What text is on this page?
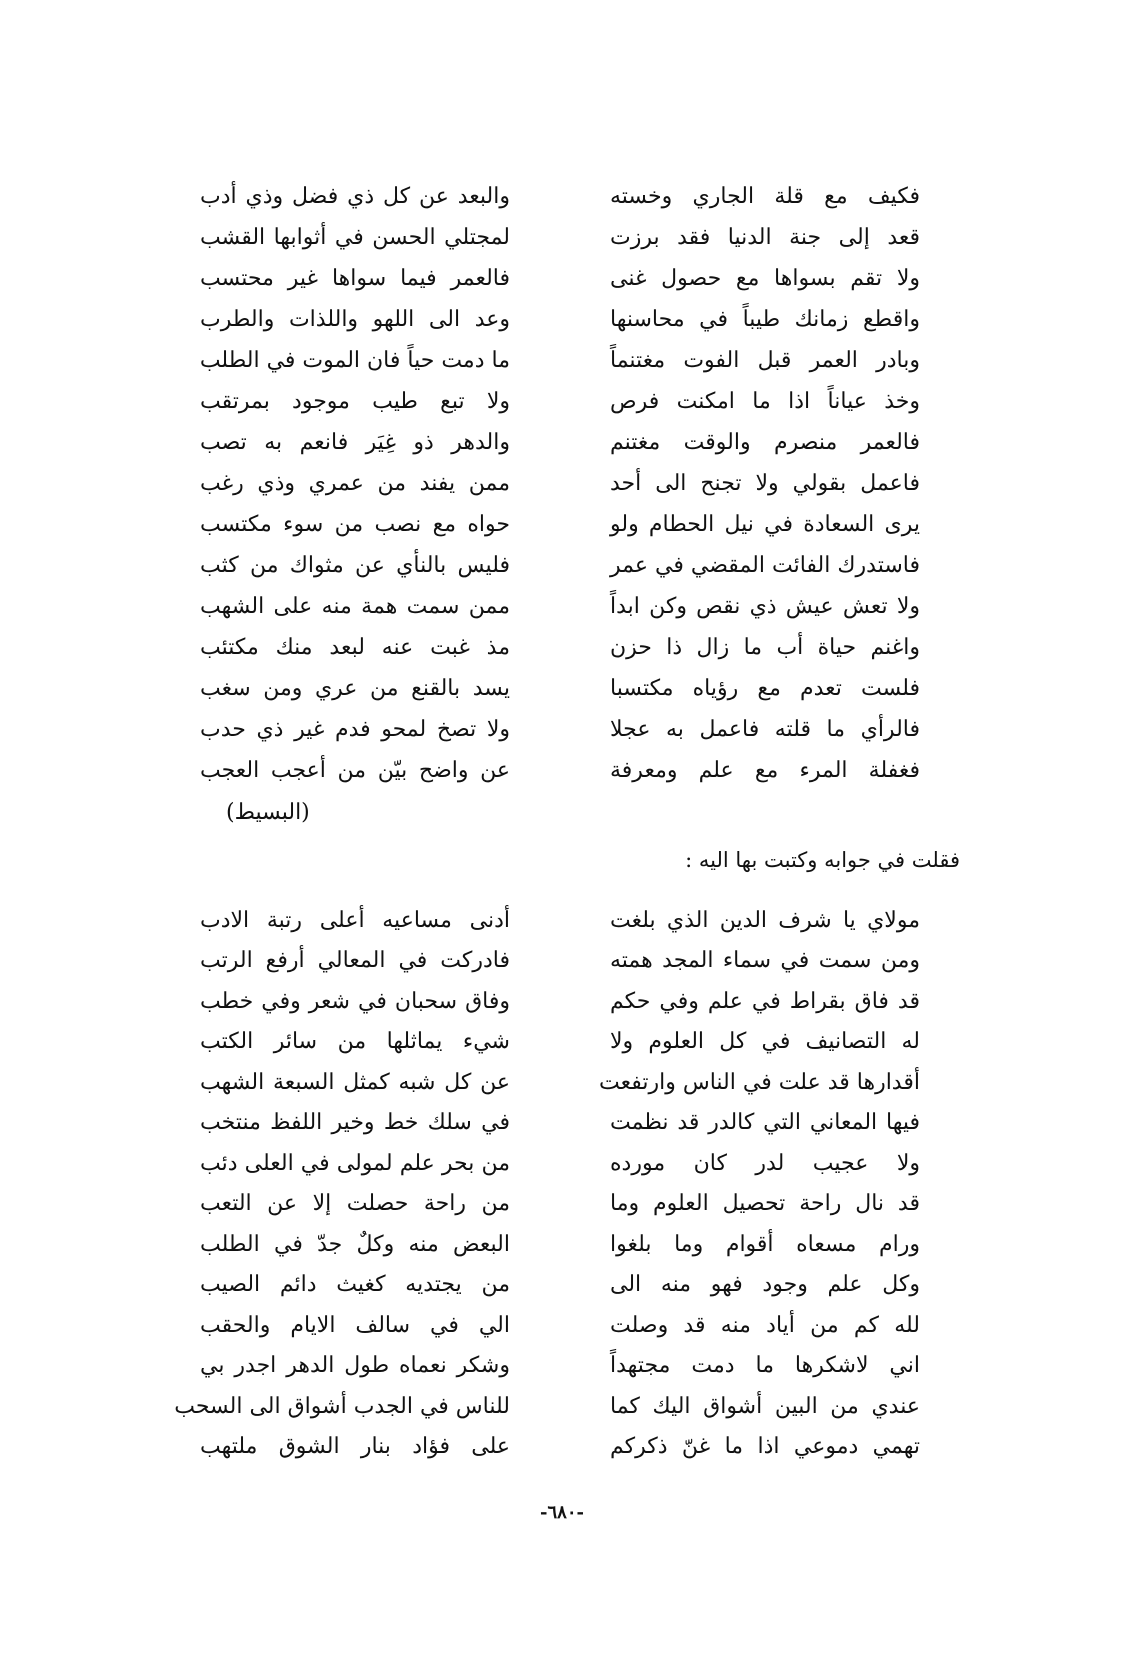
فكيف مع قلة الجاري وخسته
والبعد عن كل ذي فضل وذي أدب
قعد إلى جنة الدنيا فقد برزت
لمجتلي الحسن في أثوابها القشب
ولا تقم بسواها مع حصول غنى
فالعمر فيما سواها غير محتسب
واقطع زمانك طيباً في محاسنها
وعد الى اللهو واللذات والطرب
وبادر العمر قبل الفوت مغتنماً
ما دمت حياً فان الموت في الطلب
وخذ عياناً اذا ما امكنت فرص
ولا تبع طيب موجود بمرتقب
فالعمر منصرم والوقت مغتنم
والدهر ذو غِيَر فانعم به تصب
فاعمل بقولي ولا تجنح الى أحد
ممن يفند من عمري وذي رغب
يرى السعادة في نيل الحطام ولو
حواه مع نصب من سوء مكتسب
فاستدرك الفائت المقضي في عمر
فليس بالنأي عن مثواك من كثب
ولا تعش عيش ذي نقص وكن ابداً
ممن سمت همة منه على الشهب
واغنم حياة أب ما زال ذا حزن
مذ غبت عنه لبعد منك مكتئب
فلست تعدم مع رؤياه مكتسبا
يسد بالقنع من عري ومن سغب
فالرأي ما قلته فاعمل به عجلا
ولا تصخ لمحو فدم غير ذي حدب
فغفلة المرء مع علم ومعرفة
عن واضح بيّن من أعجب العجب
(البسيط)
فقلت في جوابه وكتبت بها اليه :
مولاي يا شرف الدين الذي بلغت
أدنى مساعيه أعلى رتبة الادب
ومن سمت في سماء المجد همته
فادركت في المعالي أرفع الرتب
قد فاق بقراط في علم وفي حكم
وفاق سحبان في شعر وفي خطب
له التصانيف في كل العلوم ولا
شيء يماثلها من سائر الكتب
أقدارها قد علت في الناس وارتفعت
عن كل شبه كمثل السبعة الشهب
فيها المعاني التي كالدر قد نظمت
في سلك خط وخير اللفظ منتخب
ولا عجيب لدر كان مورده
من بحر علم لمولى في العلى دئب
قد نال راحة تحصيل العلوم وما
من راحة حصلت إلا عن التعب
ورام مسعاه أقوام وما بلغوا
البعض منه وكلٌ جدّ في الطلب
وكل علم وجود فهو منه الى
من يجتديه كغيث دائم الصيب
لله كم من أياد منه قد وصلت
الي في سالف الايام والحقب
اني لاشكرها ما دمت مجتهداً
وشكر نعماه طول الدهر اجدر بي
عندي من البين أشواق اليك كما
للناس في الجدب أشواق الى السحب
تهمي دموعي اذا ما غنّ ذكركم
على فؤاد بنار الشوق ملتهب
-٦٨٠-
